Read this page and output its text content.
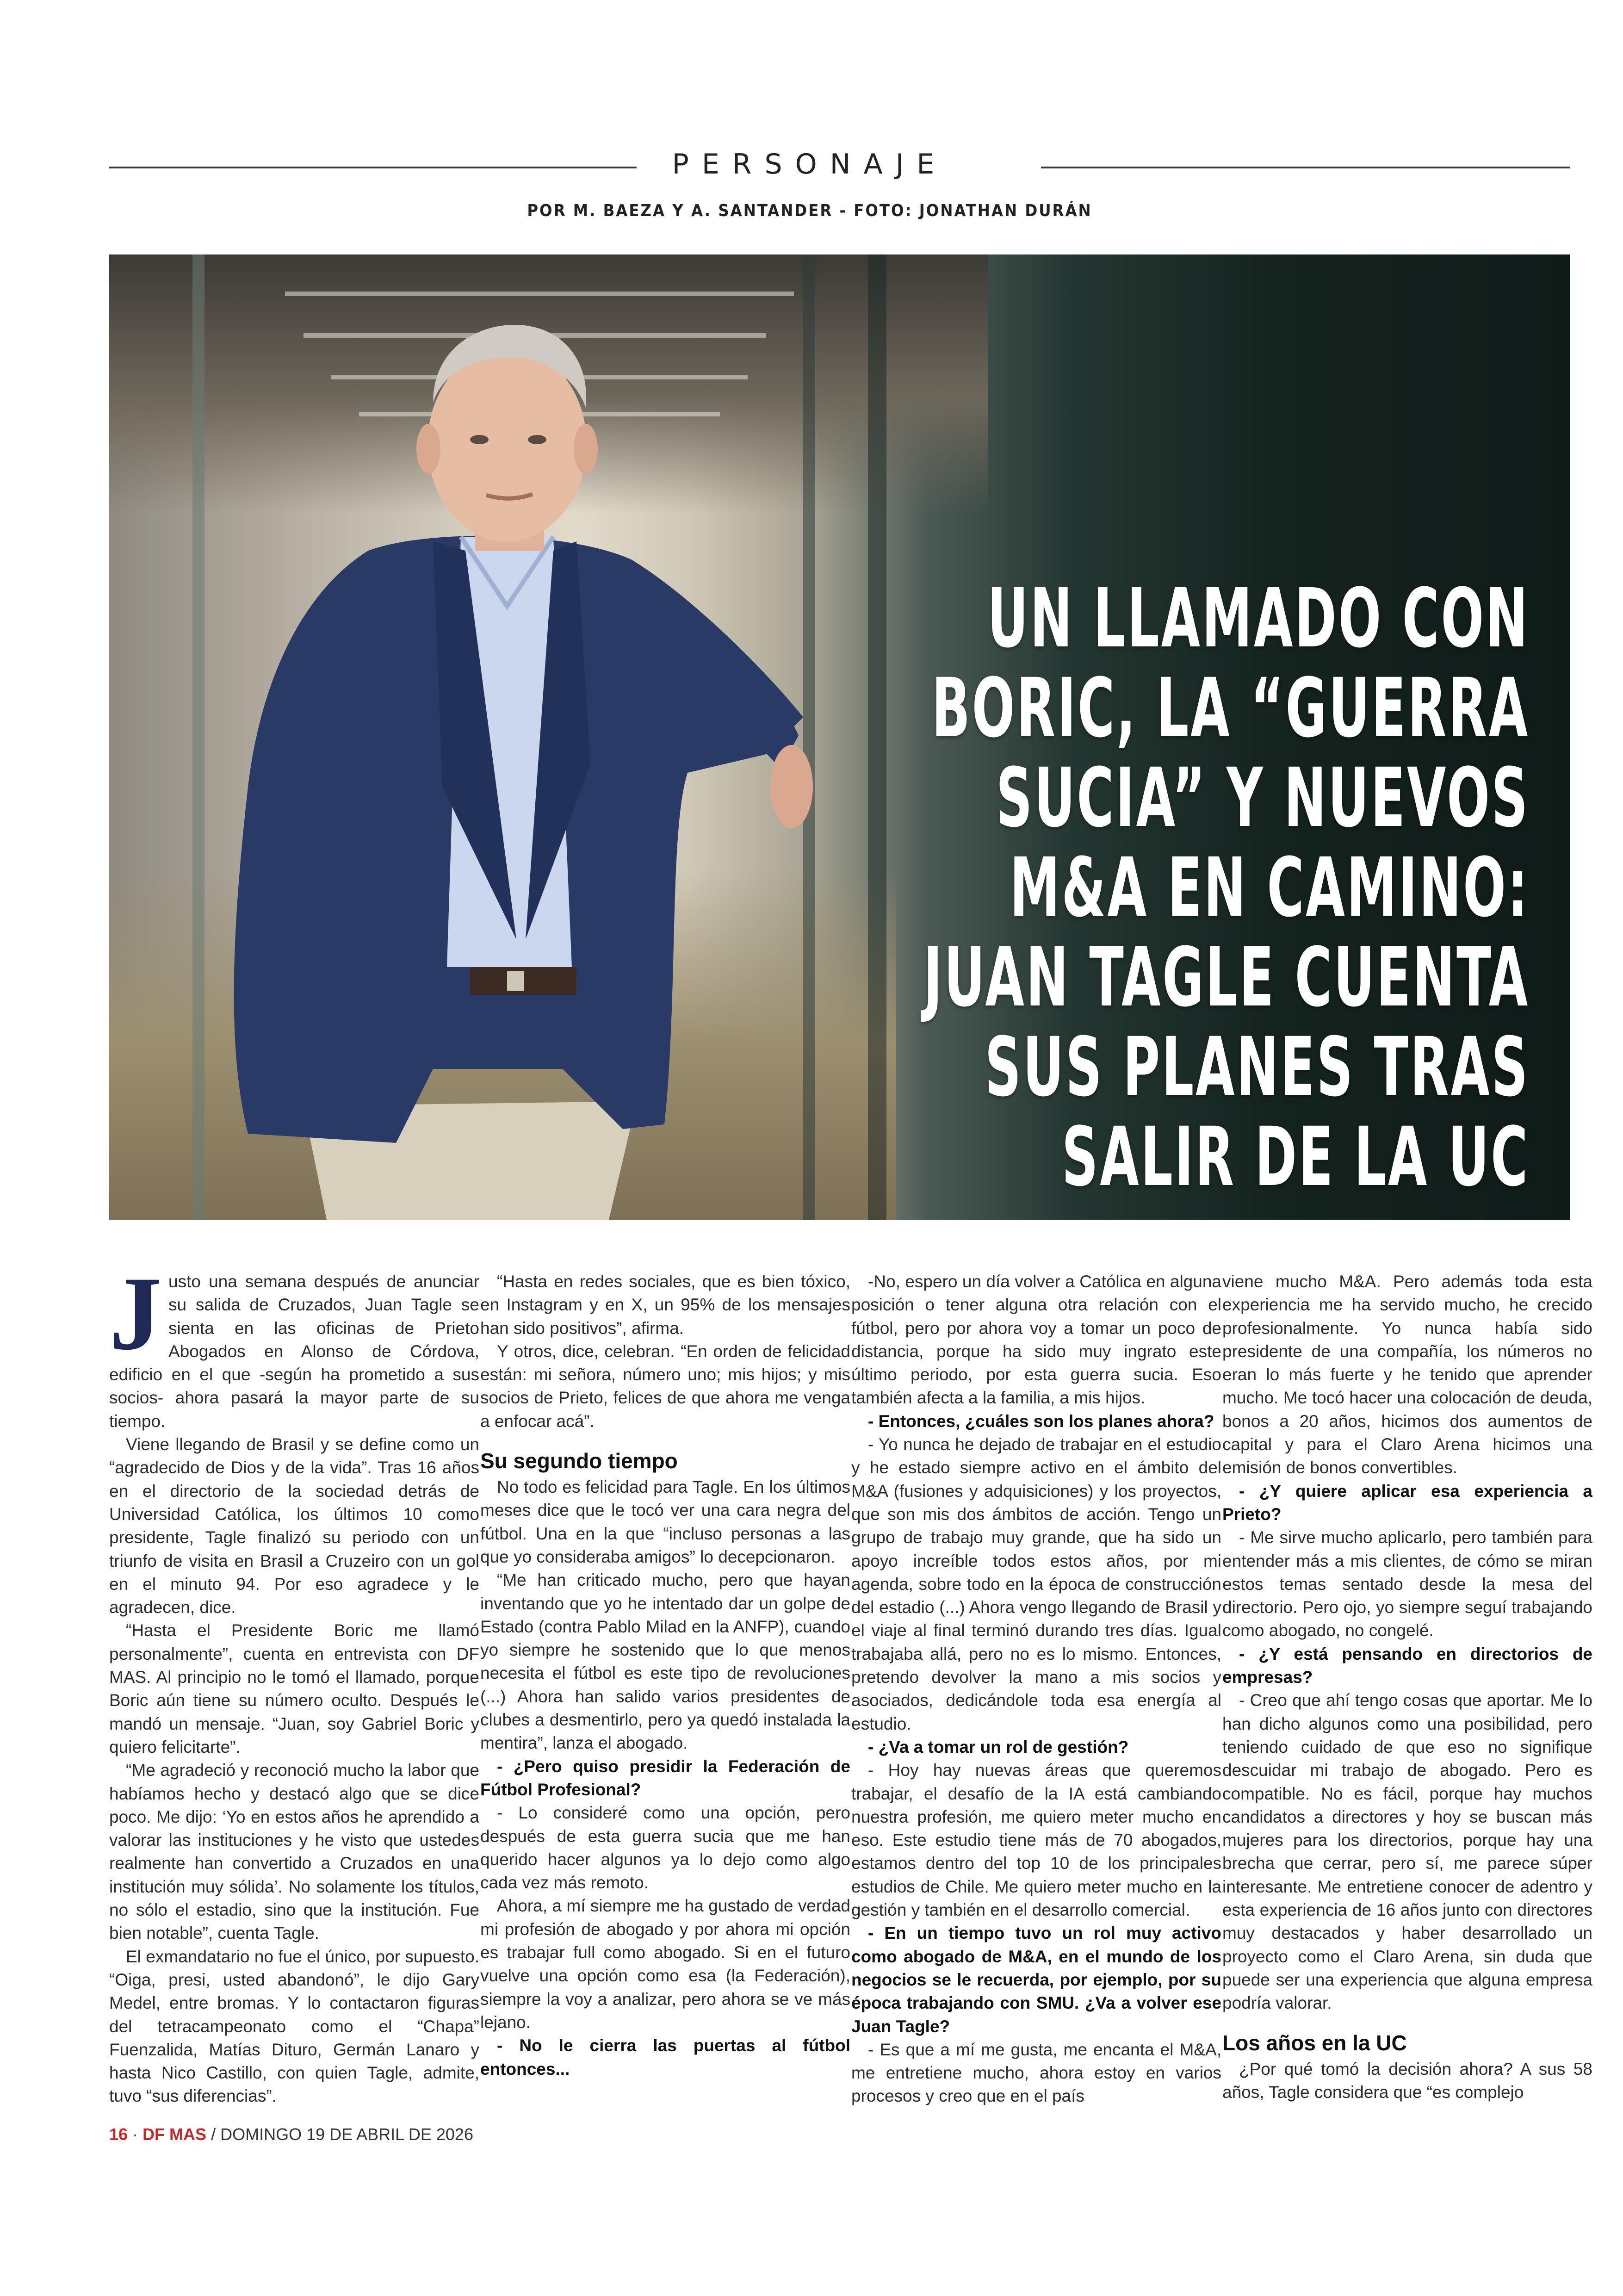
PERSONAJE
POR M. BAEZA Y A. SANTANDER - FOTO: JONATHAN DURÁN
UN LLAMADO CON
BORIC, LA “GUERRA
SUCIA” Y NUEVOS
M&A EN CAMINO:
JUAN TAGLE CUENTA
SUS PLANES TRAS
SALIR DE LA UC

Justo una semana después de anunciar su salida de Cruzados, Juan Tagle se sienta en las oficinas de Prieto Abogados en Alonso de Córdova, edificio en el que -según ha prometido a sus socios- ahora pasará la mayor parte de su tiempo.

Viene llegando de Brasil y se define como un “agradecido de Dios y de la vida”. Tras 16 años en el directorio de la sociedad detrás de Universidad Católica, los últimos 10 como presidente, Tagle finalizó su periodo con un triunfo de visita en Brasil a Cruzeiro con un gol en el minuto 94. Por eso agradece y le agradecen, dice.

“Hasta el Presidente Boric me llamó personalmente”, cuenta en entrevista con DF MAS. Al principio no le tomó el llamado, porque Boric aún tiene su número oculto. Después le mandó un mensaje. “Juan, soy Gabriel Boric y quiero felicitarte”.

“Me agradeció y reconoció mucho la labor que habíamos hecho y destacó algo que se dice poco. Me dijo: ‘Yo en estos años he aprendido a valorar las instituciones y he visto que ustedes realmente han convertido a Cruzados en una institución muy sólida’. No solamente los títulos, no sólo el estadio, sino que la institución. Fue bien notable”, cuenta Tagle.

El exmandatario no fue el único, por supuesto. “Oiga, presi, usted abandonó”, le dijo Gary Medel, entre bromas. Y lo contactaron figuras del tetracampeonato como el “Chapa” Fuenzalida, Matías Dituro, Germán Lanaro y hasta Nico Castillo, con quien Tagle, admite, tuvo “sus diferencias”.

“Hasta en redes sociales, que es bien tóxico, en Instagram y en X, un 95% de los mensajes han sido positivos”, afirma.

Y otros, dice, celebran. “En orden de felicidad están: mi señora, número uno; mis hijos; y mis socios de Prieto, felices de que ahora me venga a enfocar acá”.

Su segundo tiempo

No todo es felicidad para Tagle. En los últimos meses dice que le tocó ver una cara negra del fútbol. Una en la que “incluso personas a las que yo consideraba amigos” lo decepcionaron.

“Me han criticado mucho, pero que hayan inventando que yo he intentado dar un golpe de Estado (contra Pablo Milad en la ANFP), cuando yo siempre he sostenido que lo que menos necesita el fútbol es este tipo de revoluciones (...) Ahora han salido varios presidentes de clubes a desmentirlo, pero ya quedó instalada la mentira”, lanza el abogado.

- ¿Pero quiso presidir la Federación de Fútbol Profesional?

- Lo consideré como una opción, pero después de esta guerra sucia que me han querido hacer algunos ya lo dejo como algo cada vez más remoto.

Ahora, a mí siempre me ha gustado de verdad mi profesión de abogado y por ahora mi opción es trabajar full como abogado. Si en el futuro vuelve una opción como esa (la Federación), siempre la voy a analizar, pero ahora se ve más lejano.

- No le cierra las puertas al fútbol entonces...

-No, espero un día volver a Católica en alguna posición o tener alguna otra relación con el fútbol, pero por ahora voy a tomar un poco de distancia, porque ha sido muy ingrato este último periodo, por esta guerra sucia. Eso también afecta a la familia, a mis hijos.

- Entonces, ¿cuáles son los planes ahora?

- Yo nunca he dejado de trabajar en el estudio y he estado siempre activo en el ámbito del M&A (fusiones y adquisiciones) y los proyectos, que son mis dos ámbitos de acción. Tengo un grupo de trabajo muy grande, que ha sido un apoyo increíble todos estos años, por mi agenda, sobre todo en la época de construcción del estadio (...) Ahora vengo llegando de Brasil y el viaje al final terminó durando tres días. Igual trabajaba allá, pero no es lo mismo. Entonces, pretendo devolver la mano a mis socios y asociados, dedicándole toda esa energía al estudio.

- ¿Va a tomar un rol de gestión?

- Hoy hay nuevas áreas que queremos trabajar, el desafío de la IA está cambiando nuestra profesión, me quiero meter mucho en eso. Este estudio tiene más de 70 abogados, estamos dentro del top 10 de los principales estudios de Chile. Me quiero meter mucho en la gestión y también en el desarrollo comercial.

- En un tiempo tuvo un rol muy activo como abogado de M&A, en el mundo de los negocios se le recuerda, por ejemplo, por su época trabajando con SMU. ¿Va a volver ese Juan Tagle?

- Es que a mí me gusta, me encanta el M&A, me entretiene mucho, ahora estoy en varios procesos y creo que en el país

viene mucho M&A. Pero además toda esta experiencia me ha servido mucho, he crecido profesionalmente. Yo nunca había sido presidente de una compañía, los números no eran lo más fuerte y he tenido que aprender mucho. Me tocó hacer una colocación de deuda, bonos a 20 años, hicimos dos aumentos de capital y para el Claro Arena hicimos una emisión de bonos convertibles.

- ¿Y quiere aplicar esa experiencia a Prieto?

- Me sirve mucho aplicarlo, pero también para entender más a mis clientes, de cómo se miran estos temas sentado desde la mesa del directorio. Pero ojo, yo siempre seguí trabajando como abogado, no congelé.

- ¿Y está pensando en directorios de empresas?

- Creo que ahí tengo cosas que aportar. Me lo han dicho algunos como una posibilidad, pero teniendo cuidado de que eso no signifique descuidar mi trabajo de abogado. Pero es compatible. No es fácil, porque hay muchos candidatos a directores y hoy se buscan más mujeres para los directorios, porque hay una brecha que cerrar, pero sí, me parece súper interesante. Me entretiene conocer de adentro y esta experiencia de 16 años junto con directores muy destacados y haber desarrollado un proyecto como el Claro Arena, sin duda que puede ser una experiencia que alguna empresa podría valorar.

Los años en la UC

¿Por qué tomó la decisión ahora? A sus 58 años, Tagle considera que “es complejo

16 · DF MAS / DOMINGO 19 DE ABRIL DE 2026
